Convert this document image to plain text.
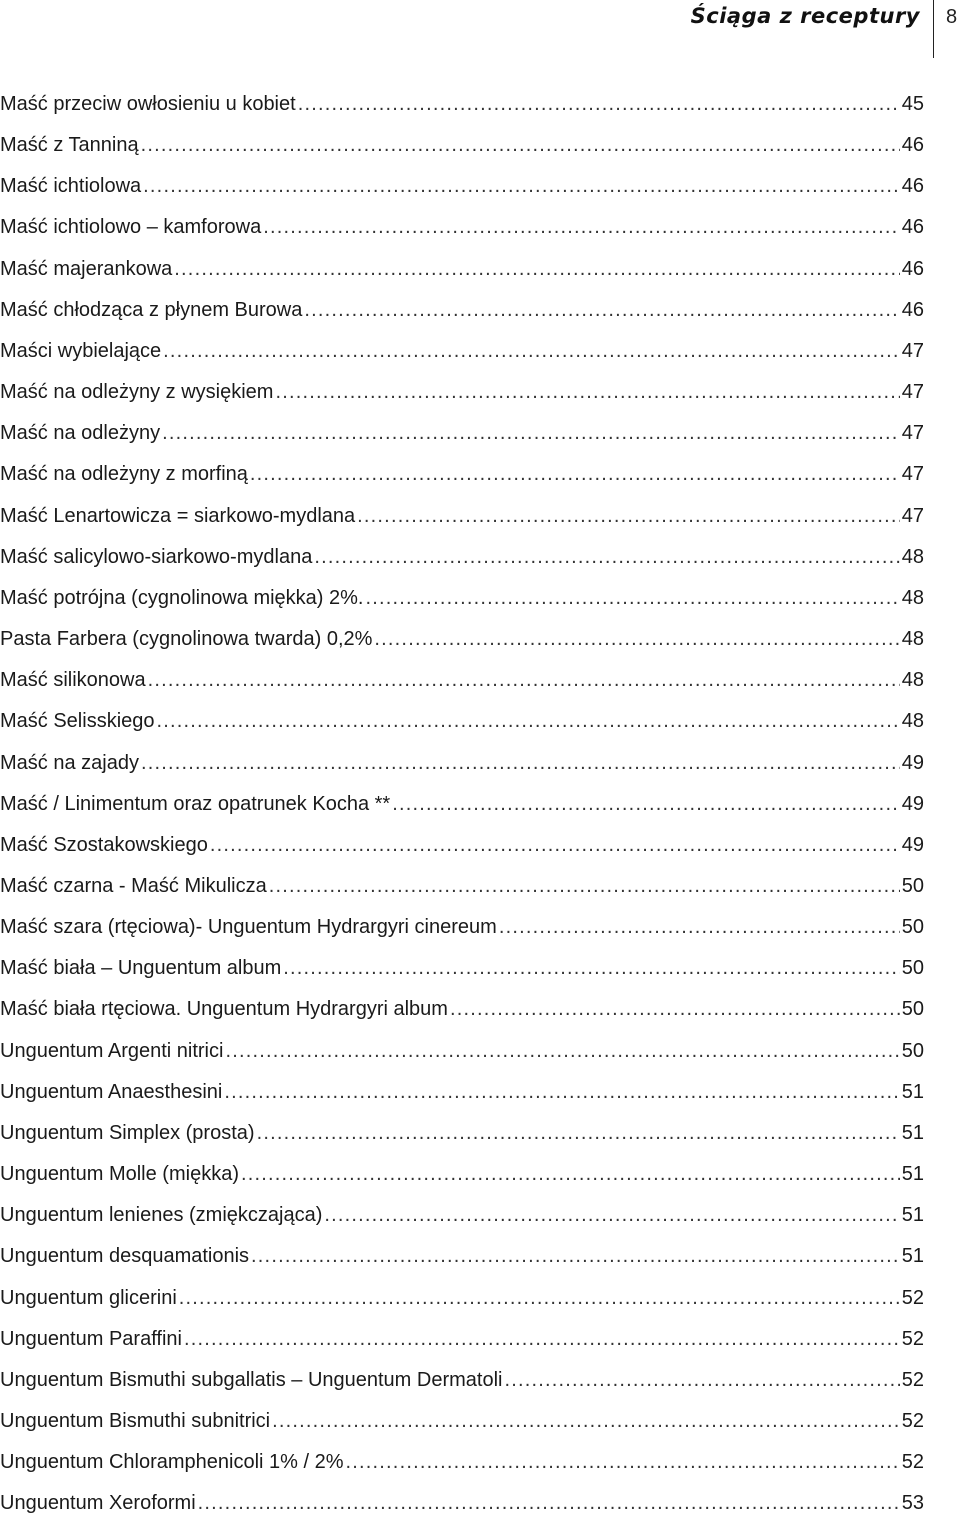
Ściąga z receptury 8
Maść przeciw owłosieniu u kobiet .....	45
Maść z Tanniną .....	46
Maść ichtiolowa .....	46
Maść ichtiolowo – kamforowa .....	46
Maść majerankowa .....	46
Maść chłodząca z płynem Burowa .....	46
Maści wybielające .....	47
Maść na odleżyny z wysiękiem .....	47
Maść na odleżyny .....	47
Maść na odleżyny z morfiną .....	47
Maść Lenartowicza = siarkowo-mydlana .....	47
Maść salicylowo-siarkowo-mydlana .....	48
Maść potrójna (cygnolinowa miękka) 2%. .....	48
Pasta Farbera (cygnolinowa twarda) 0,2% .....	48
Maść silikonowa .....	48
Maść Selisskiego .....	48
Maść na zajady .....	49
Maść / Linimentum oraz opatrunek Kocha ** .....	49
Maść Szostakowskiego .....	49
Maść czarna - Maść Mikulicza .....	50
Maść szara (rtęciowa)- Unguentum Hydrargyri cinereum .....	50
Maść biała – Unguentum album .....	50
Maść biała rtęciowa. Unguentum Hydrargyri album .....	50
Unguentum Argenti nitrici .....	50
Unguentum Anaesthesini .....	51
Unguentum Simplex (prosta) .....	51
Unguentum Molle (miękka) .....	51
Unguentum lenienes (zmiękczająca) .....	51
Unguentum desquamationis .....	51
Unguentum glicerini .....	52
Unguentum Paraffini .....	52
Unguentum Bismuthi subgallatis – Unguentum Dermatoli .....	52
Unguentum Bismuthi subnitrici .....	52
Unguentum Chloramphenicoli 1% / 2% .....	52
Unguentum Xeroformi .....	53
